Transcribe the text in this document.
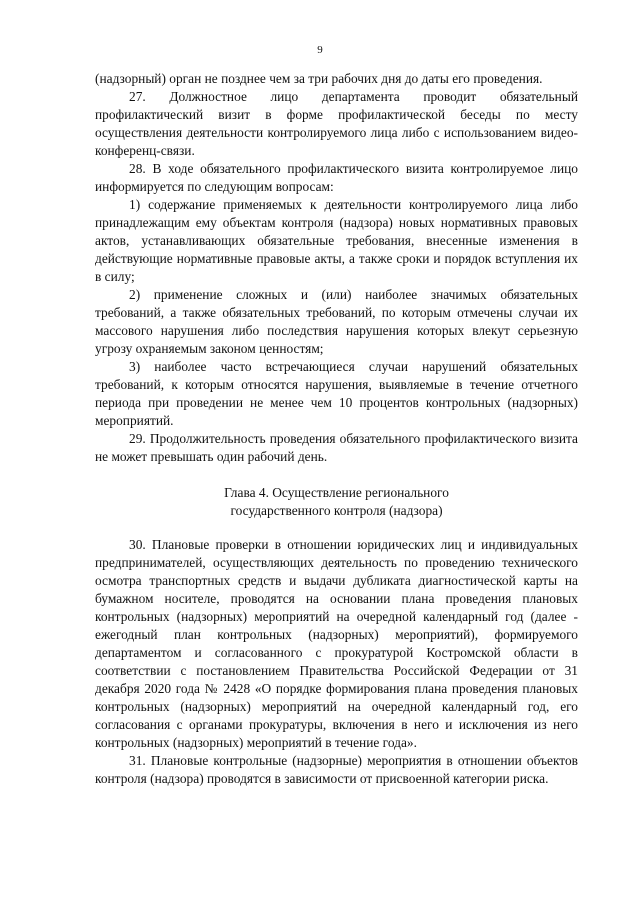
9

(надзорный) орган не позднее чем за три рабочих дня до даты его проведения.

27. Должностное лицо департамента проводит обязательный профилактический визит в форме профилактической беседы по месту осуществления деятельности контролируемого лица либо с использованием видео-конференц-связи.

28. В ходе обязательного профилактического визита контролируемое лицо информируется по следующим вопросам:

1) содержание применяемых к деятельности контролируемого лица либо принадлежащим ему объектам контроля (надзора) новых нормативных правовых актов, устанавливающих обязательные требования, внесенные изменения в действующие нормативные правовые акты, а также сроки и порядок вступления их в силу;

2) применение сложных и (или) наиболее значимых обязательных требований, а также обязательных требований, по которым отмечены случаи их массового нарушения либо последствия нарушения которых влекут серьезную угрозу охраняемым законом ценностям;

3) наиболее часто встречающиеся случаи нарушений обязательных требований, к которым относятся нарушения, выявляемые в течение отчетного периода при проведении не менее чем 10 процентов контрольных (надзорных) мероприятий.

29. Продолжительность проведения обязательного профилактического визита не может превышать один рабочий день.

Глава 4. Осуществление регионального
государственного контроля (надзора)

30. Плановые проверки в отношении юридических лиц и индивидуальных предпринимателей, осуществляющих деятельность по проведению технического осмотра транспортных средств и выдачи дубликата диагностической карты на бумажном носителе, проводятся на основании плана проведения плановых контрольных (надзорных) мероприятий на очередной календарный год (далее - ежегодный план контрольных (надзорных) мероприятий), формируемого департаментом и согласованного с прокуратурой Костромской области в соответствии с постановлением Правительства Российской Федерации от 31 декабря 2020 года № 2428 «О порядке формирования плана проведения плановых контрольных (надзорных) мероприятий на очередной календарный год, его согласования с органами прокуратуры, включения в него и исключения из него контрольных (надзорных) мероприятий в течение года».

31. Плановые контрольные (надзорные) мероприятия в отношении объектов контроля (надзора) проводятся в зависимости от присвоенной категории риска.
